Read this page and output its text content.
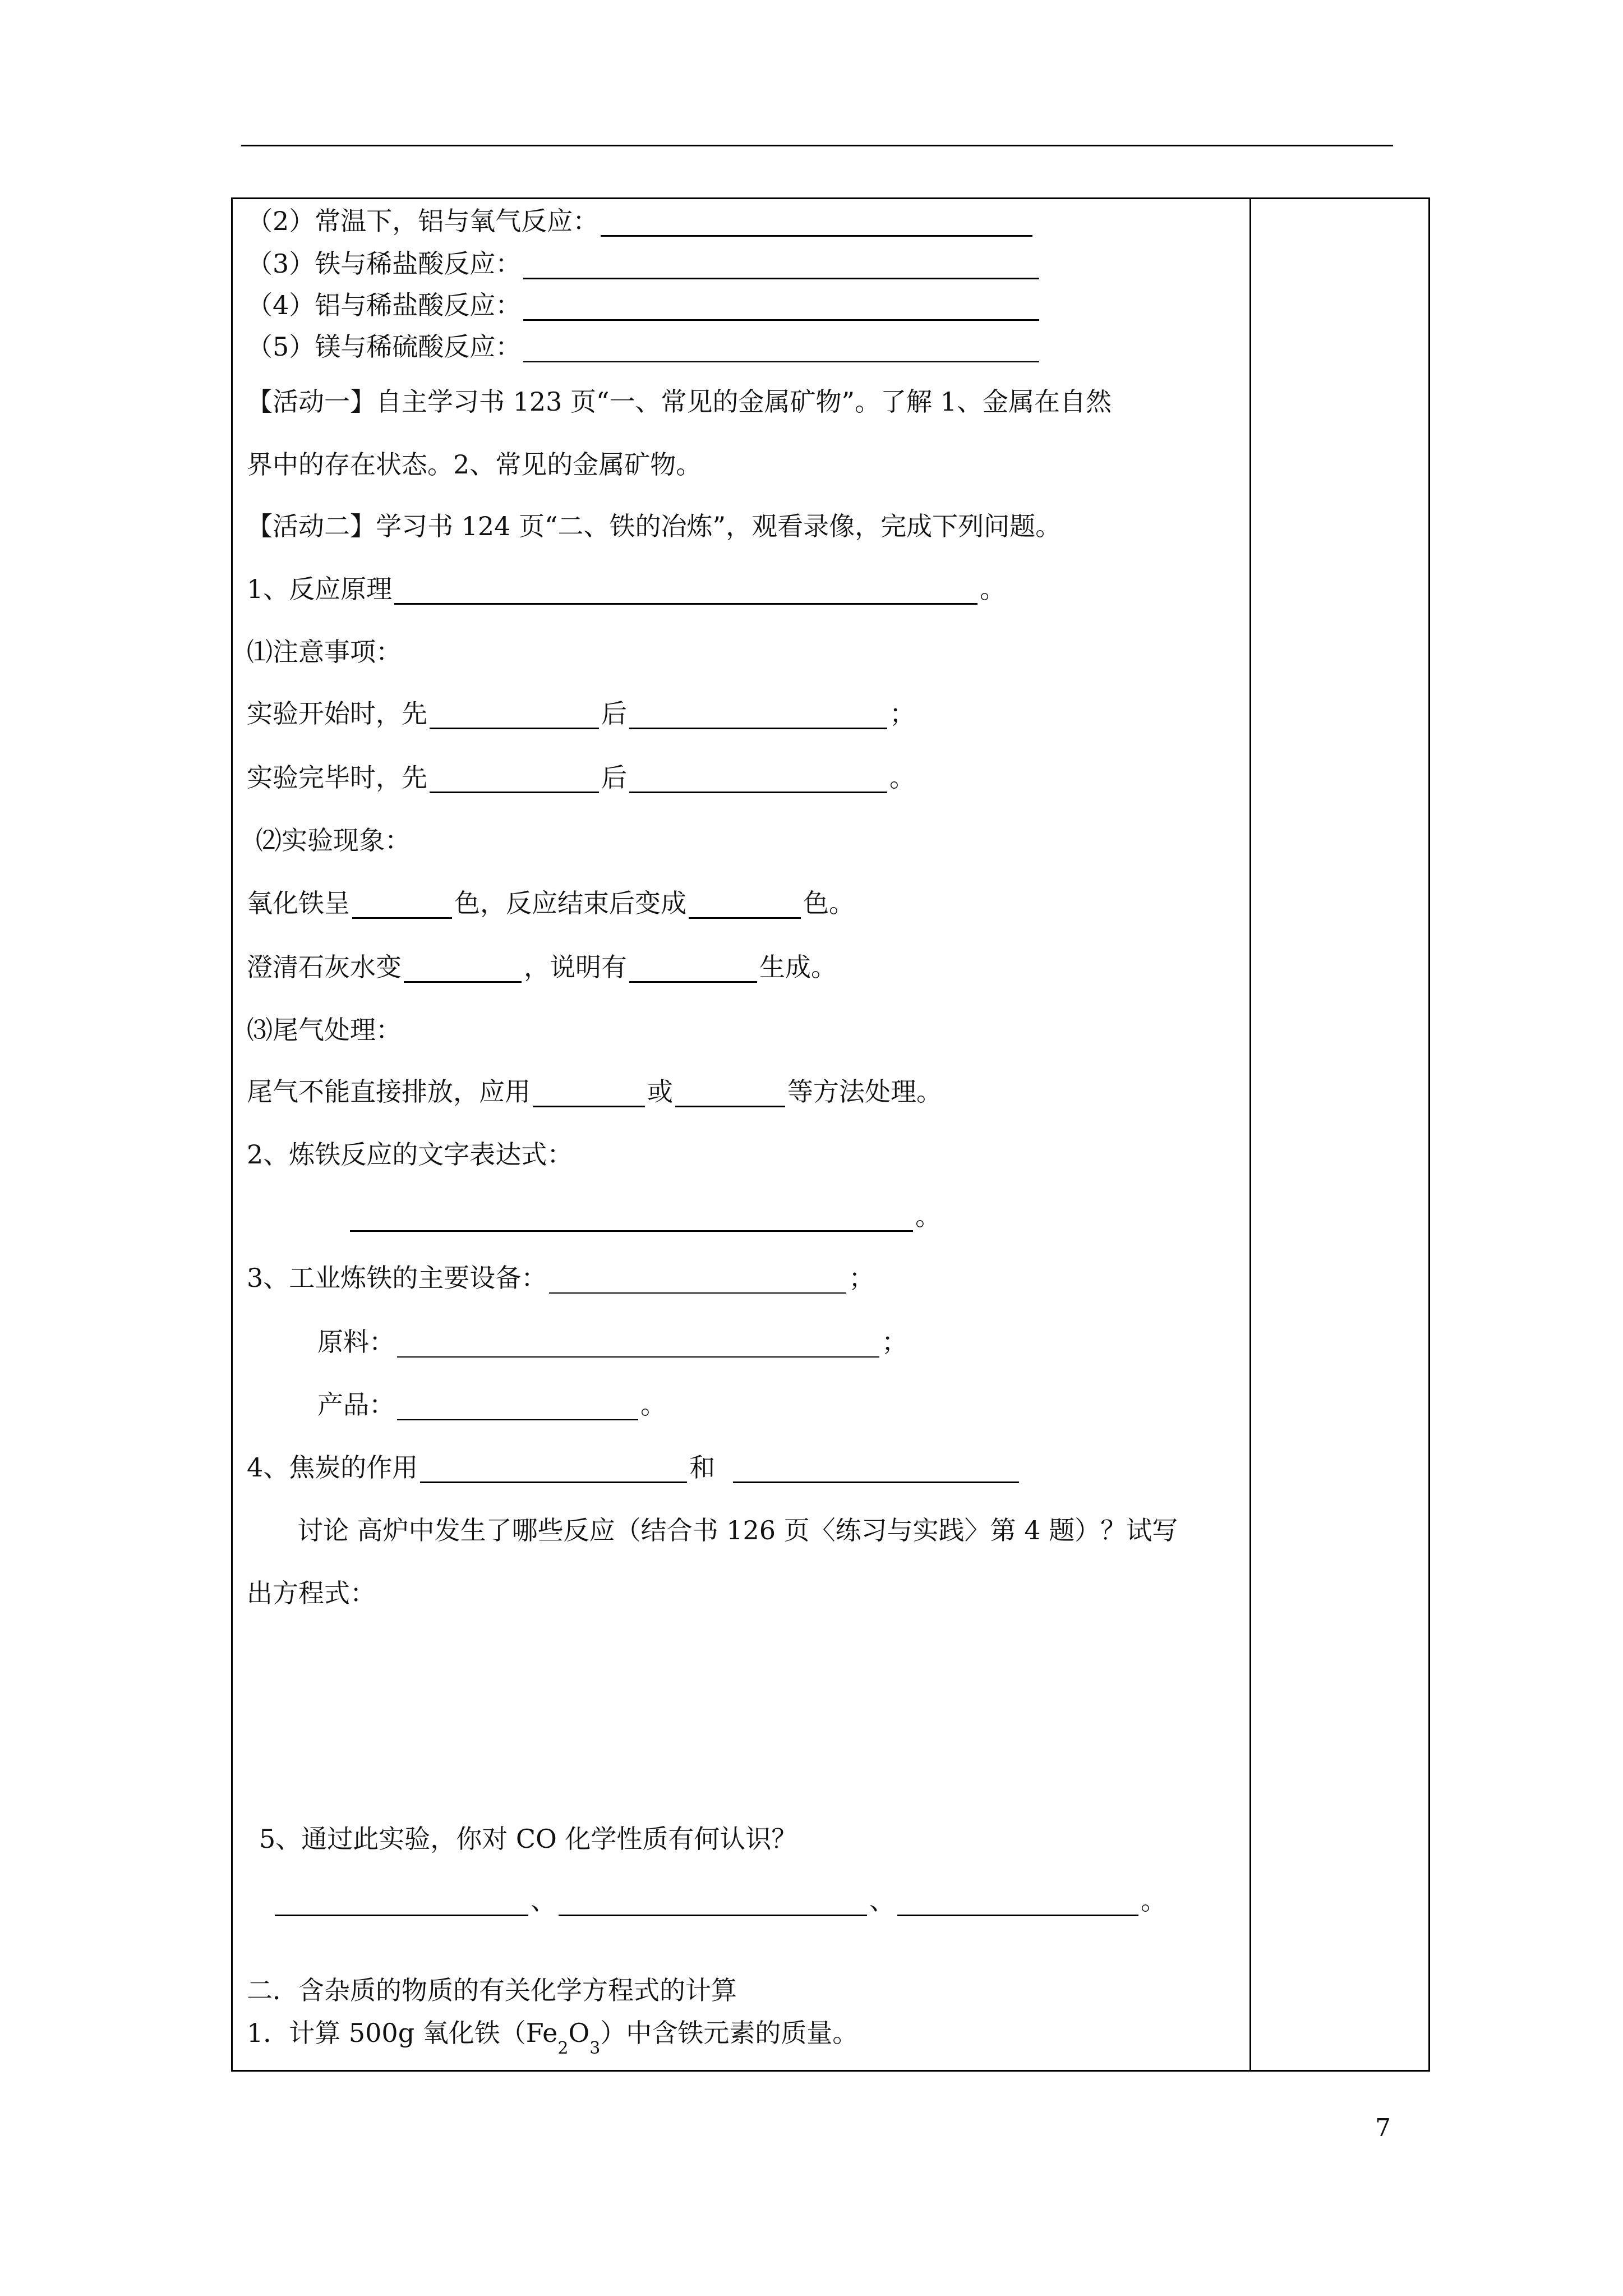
（2）常温下，铝与氧气反应：
（3）铁与稀盐酸反应：
（4）铝与稀盐酸反应：
（5）镁与稀硫酸反应：
【活动一】自主学习书 123 页“一、常见的金属矿物”。了解 1、金属在自然
界中的存在状态。2、常见的金属矿物。
【活动二】学习书 124 页“二、铁的冶炼”，观看录像，完成下列问题。
1、反应原理	。
⑴注意事项：
实验开始时，先	后	；
实验完毕时，先	后	。
⑵实验现象：
氧化铁呈	色，反应结束后变成	色。
澄清石灰水变	，说明有	生成。
⑶尾气处理：
尾气不能直接排放，应用	或	等方法处理。
2、炼铁反应的文字表达式：
。
3、工业炼铁的主要设备：	；
原料：	；
产品：	。
4、焦炭的作用	和
讨论 高炉中发生了哪些反应（结合书 126 页〈练习与实践〉第 4 题）？试写
出方程式：
5、通过此实验，你对 CO 化学性质有何认识？
、	、	。
二．含杂质的物质的有关化学方程式的计算
1．计算 500g 氧化铁（Fe
2
O
3
）中含铁元素的质量。
7
